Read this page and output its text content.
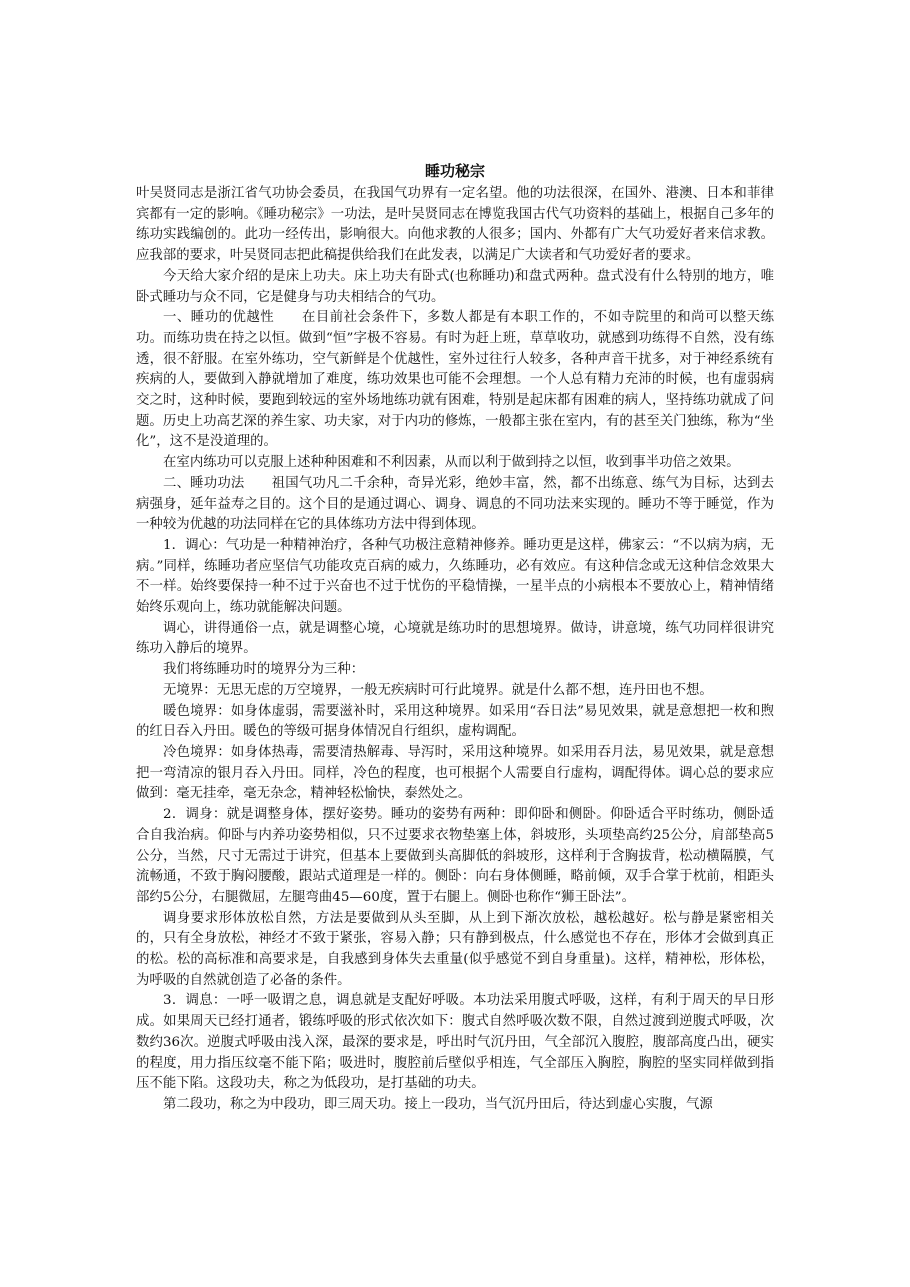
睡功秘宗

叶吴贤同志是浙江省气功协会委员，在我国气功界有一定名望。他的功法很深，在国外、港澳、日本和菲律宾都有一定的影响。《睡功秘宗》一功法，是叶吴贤同志在博览我国古代气功资料的基础上，根据自己多年的练功实践编创的。此功一经传出，影响很大。向他求教的人很多；国内、外都有广大气功爱好者来信求教。应我部的要求，叶吴贤同志把此稿提供给我们在此发表，以满足广大读者和气功爱好者的要求。

今天给大家介绍的是床上功夫。床上功夫有卧式(也称睡功)和盘式两种。盘式没有什么特别的地方，唯卧式睡功与众不同，它是健身与功夫相结合的气功。

一、睡功的优越性　　在目前社会条件下，多数人都是有本职工作的，不如寺院里的和尚可以整天练功。而练功贵在持之以恒。做到“恒”字极不容易。有时为赶上班，草草收功，就感到功练得不自然，没有练透，很不舒服。在室外练功，空气新鲜是个优越性，室外过往行人较多，各种声音干扰多，对于神经系统有疾病的人，要做到入静就增加了难度，练功效果也可能不会理想。一个人总有精力充沛的时候，也有虚弱病交之时，这种时候，要跑到较远的室外场地练功就有困难，特别是起床都有困难的病人，坚持练功就成了问题。历史上功高艺深的养生家、功夫家，对于内功的修炼，一般都主张在室内，有的甚至关门独练，称为“坐化”，这不是没道理的。

在室内练功可以克服上述种种困难和不利因素，从而以利于做到持之以恒，收到事半功倍之效果。

二、睡功功法　　祖国气功凡二千余种，奇异光彩，绝妙丰富，然，都不出练意、练气为目标，达到去病强身，延年益寿之目的。这个目的是通过调心、调身、调息的不同功法来实现的。睡功不等于睡觉，作为一种较为优越的功法同样在它的具体练功方法中得到体现。

1．调心：气功是一种精神治疗，各种气功极注意精神修养。睡功更是这样，佛家云：“不以病为病，无病。”同样，练睡功者应坚信气功能攻克百病的威力，久练睡功，必有效应。有这种信念或无这种信念效果大不一样。始终要保持一种不过于兴奋也不过于忧伤的平稳情操，一星半点的小病根本不要放心上，精神情绪始终乐观向上，练功就能解决问题。

调心，讲得通俗一点，就是调整心境，心境就是练功时的思想境界。做诗，讲意境，练气功同样很讲究练功入静后的境界。

我们将练睡功时的境界分为三种：

无境界：无思无虑的万空境界，一般无疾病时可行此境界。就是什么都不想，连丹田也不想。

暖色境界：如身体虚弱，需要滋补时，采用这种境界。如采用“吞日法”易见效果，就是意想把一枚和煦的红日吞入丹田。暖色的等级可据身体情况自行组织，虚构调配。

冷色境界：如身体热毒，需要清热解毒、导泻时，采用这种境界。如采用吞月法，易见效果，就是意想把一弯清凉的银月吞入丹田。同样，冷色的程度，也可根据个人需要自行虚构，调配得体。调心总的要求应做到：毫无挂牵，毫无杂念，精神轻松愉快，泰然处之。

2．调身：就是调整身体，摆好姿势。睡功的姿势有两种：即仰卧和侧卧。仰卧适合平时练功，侧卧适合自我治病。仰卧与内养功姿势相似，只不过要求衣物垫塞上体，斜坡形，头项垫高约25公分，肩部垫高5公分，当然，尺寸无需过于讲究，但基本上要做到头高脚低的斜坡形，这样利于含胸拔背，松动横隔膜，气流畅通，不致于胸闷腰酸，跟站式道理是一样的。侧卧：向右身体侧睡，略前倾，双手合掌于枕前，相距头部约5公分，右腿微屈，左腿弯曲45—60度，置于右腿上。侧卧也称作“狮王卧法”。

调身要求形体放松自然，方法是要做到从头至脚，从上到下渐次放松，越松越好。松与静是紧密相关的，只有全身放松，神经才不致于紧张，容易入静；只有静到极点，什么感觉也不存在，形体才会做到真正的松。松的高标准和高要求是，自我感到身体失去重量(似乎感觉不到自身重量)。这样，精神松，形体松，为呼吸的自然就创造了必备的条件。

3．调息：一呼一吸谓之息，调息就是支配好呼吸。本功法采用腹式呼吸，这样，有利于周天的早日形成。如果周天已经打通者，锻练呼吸的形式依次如下：腹式自然呼吸次数不限，自然过渡到逆腹式呼吸，次数约36次。逆腹式呼吸由浅入深，最深的要求是，呼出时气沉丹田，气全部沉入腹腔，腹部高度凸出，硬实的程度，用力指压纹毫不能下陷；吸进时，腹腔前后壁似乎相连，气全部压入胸腔，胸腔的坚实同样做到指压不能下陷。这段功夫，称之为低段功，是打基础的功夫。

第二段功，称之为中段功，即三周天功。接上一段功，当气沉丹田后，待达到虚心实腹，气源
